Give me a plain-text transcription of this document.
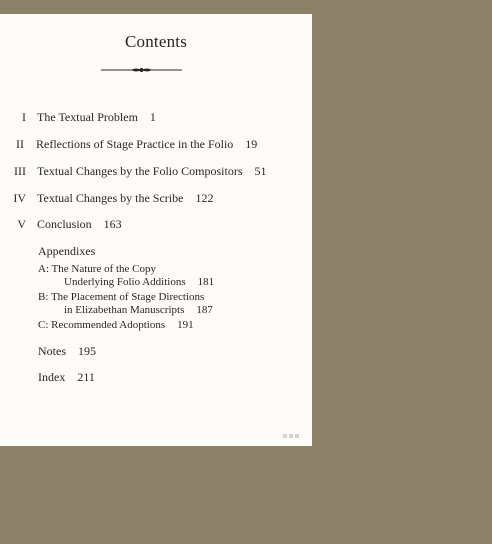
Contents
I The Textual Problem 1
II Reflections of Stage Practice in the Folio 19
III Textual Changes by the Folio Compositors 51
IV Textual Changes by the Scribe 122
V Conclusion 163
Appendixes
A: The Nature of the Copy
Underlying Folio Additions 181
B: The Placement of Stage Directions
in Elizabethan Manuscripts 187
C: Recommended Adoptions 191
Notes 195
Index 211
